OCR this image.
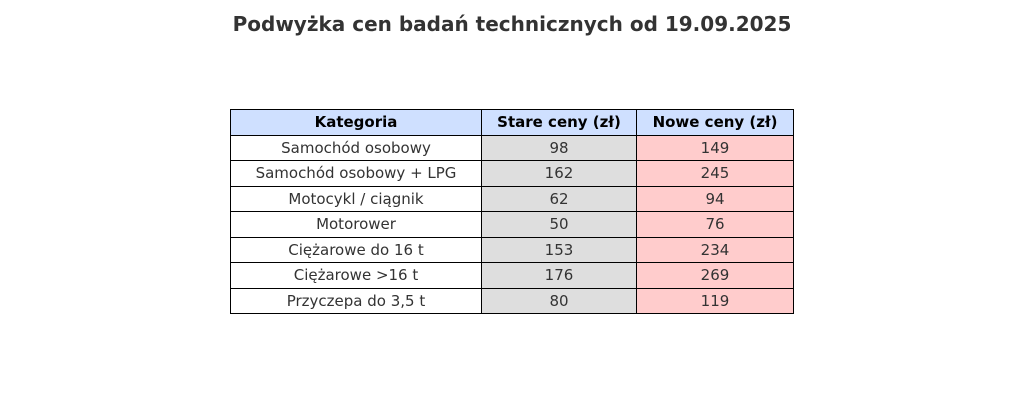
Podwyżka cen badań technicznych od 19.09.2025
Kategoria	Stare ceny (zł)	Nowe ceny (zł)
Samochód osobowy	98	149
Samochód osobowy + LPG	162	245
Motocykl / ciągnik	62	94
Motorower	50	76
Ciężarowe do 16 t	153	234
Ciężarowe >16 t	176	269
Przyczepa do 3,5 t	80	119
